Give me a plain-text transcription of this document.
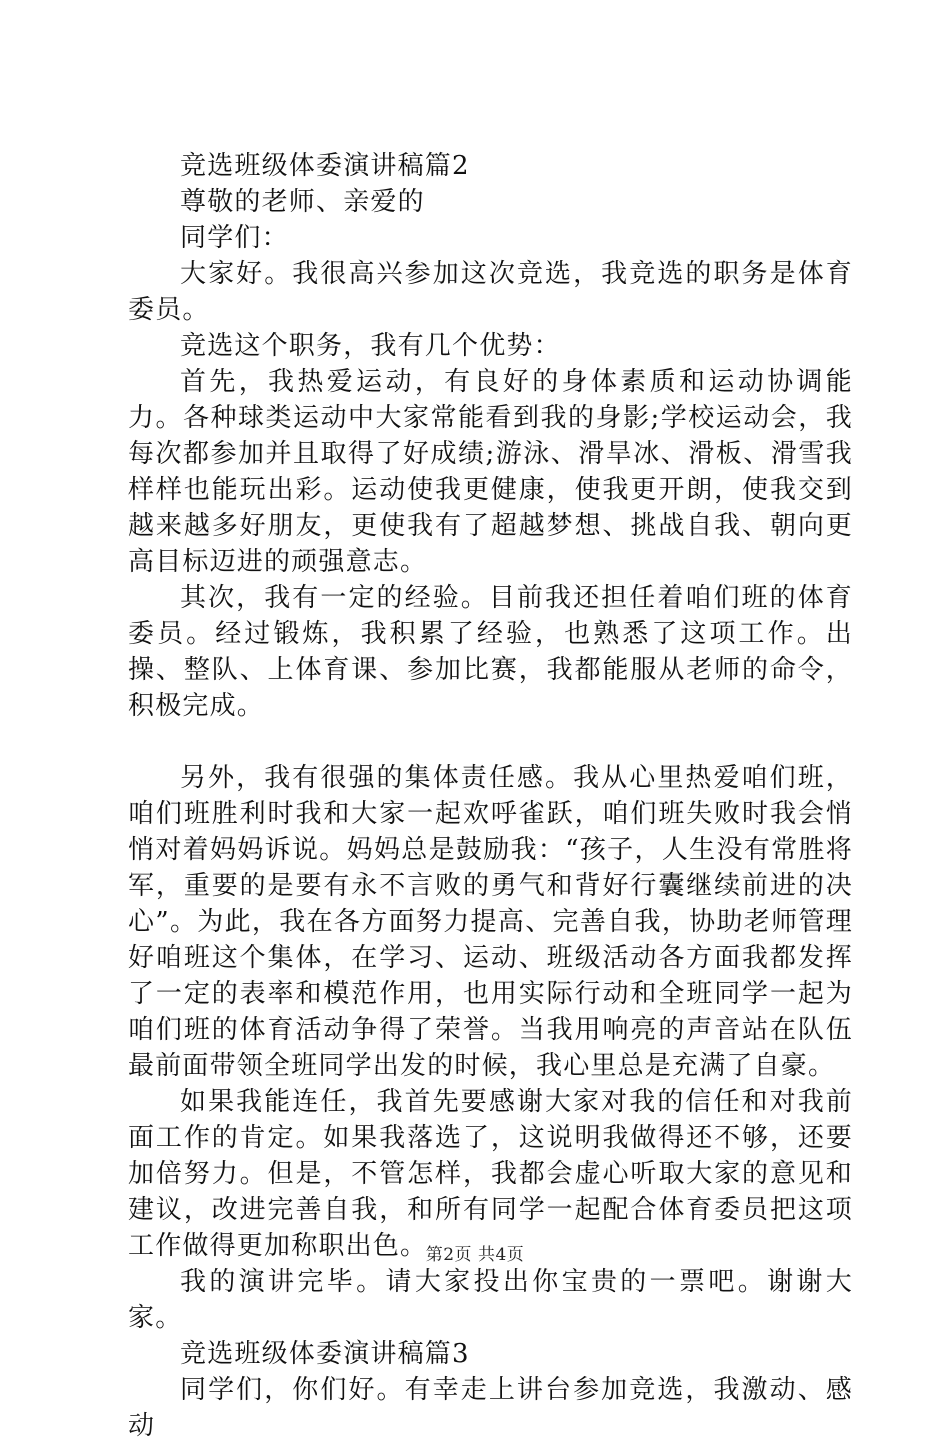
竞选班级体委演讲稿篇2

尊敬的老师、亲爱的

同学们：

大家好。我很高兴参加这次竞选，我竞选的职务是体育委员。

竞选这个职务，我有几个优势：

首先，我热爱运动，有良好的身体素质和运动协调能力。各种球类运动中大家常能看到我的身影;学校运动会，我每次都参加并且取得了好成绩;游泳、滑旱冰、滑板、滑雪我样样也能玩出彩。运动使我更健康，使我更开朗，使我交到越来越多好朋友，更使我有了超越梦想、挑战自我、朝向更高目标迈进的顽强意志。

其次，我有一定的经验。目前我还担任着咱们班的体育委员。经过锻炼，我积累了经验，也熟悉了这项工作。出操、整队、上体育课、参加比赛，我都能服从老师的命令，积极完成。

另外，我有很强的集体责任感。我从心里热爱咱们班，咱们班胜利时我和大家一起欢呼雀跃，咱们班失败时我会悄悄对着妈妈诉说。妈妈总是鼓励我：“孩子，人生没有常胜将军，重要的是要有永不言败的勇气和背好行囊继续前进的决心”。为此，我在各方面努力提高、完善自我，协助老师管理好咱班这个集体，在学习、运动、班级活动各方面我都发挥了一定的表率和模范作用，也用实际行动和全班同学一起为咱们班的体育活动争得了荣誉。当我用响亮的声音站在队伍最前面带领全班同学出发的时候，我心里总是充满了自豪。

如果我能连任，我首先要感谢大家对我的信任和对我前面工作的肯定。如果我落选了，这说明我做得还不够，还要加倍努力。但是，不管怎样，我都会虚心听取大家的意见和建议，改进完善自我，和所有同学一起配合体育委员把这项工作做得更加称职出色。

我的演讲完毕。请大家投出你宝贵的一票吧。谢谢大家。

竞选班级体委演讲稿篇3

同学们，你们好。有幸走上讲台参加竞选，我激动、感动

第2页 共4页
